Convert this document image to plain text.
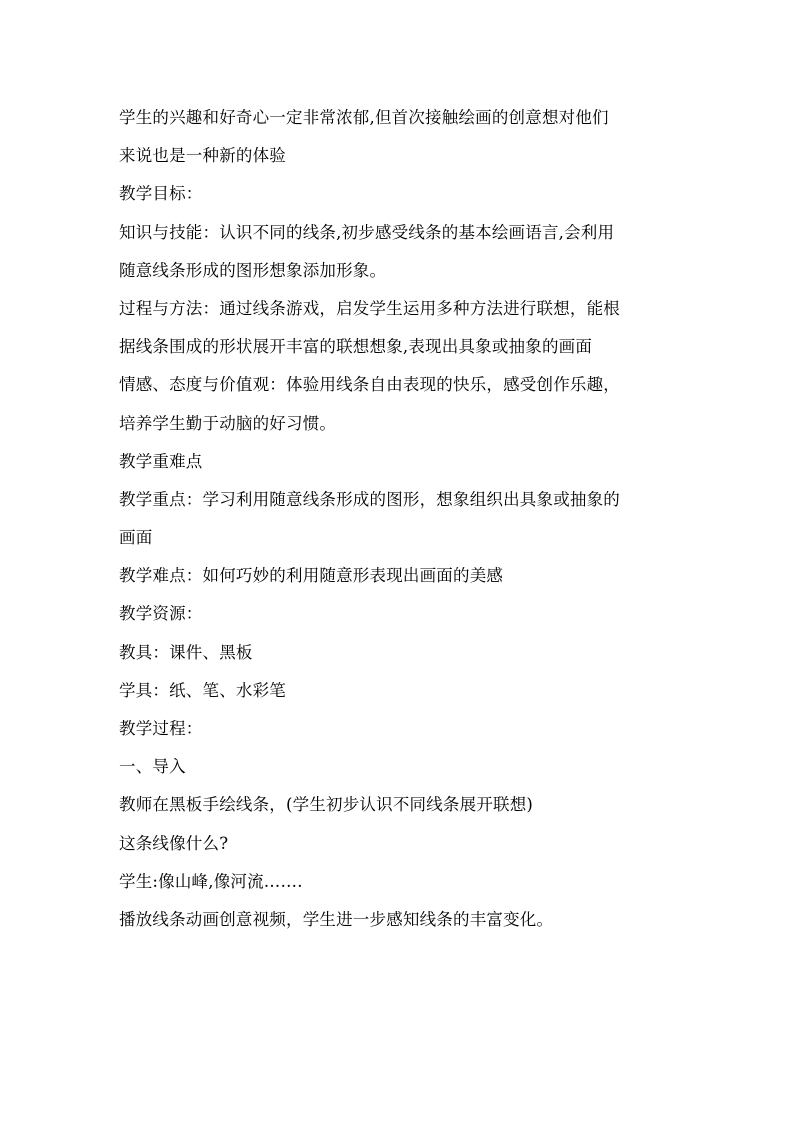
学生的兴趣和好奇心一定非常浓郁,但首次接触绘画的创意想对他们
来说也是一种新的体验
教学目标：
知识与技能：认识不同的线条,初步感受线条的基本绘画语言,会利用
随意线条形成的图形想象添加形象。
过程与方法：通过线条游戏，启发学生运用多种方法进行联想，能根
据线条围成的形状展开丰富的联想想象,表现出具象或抽象的画面
情感、态度与价值观：体验用线条自由表现的快乐，感受创作乐趣，
培养学生勤于动脑的好习惯。
教学重难点
教学重点：学习利用随意线条形成的图形，想象组织出具象或抽象的
画面
教学难点：如何巧妙的利用随意形表现出画面的美感
教学资源：
教具：课件、黑板
学具：纸、笔、水彩笔
教学过程：
一、导入
教师在黑板手绘线条，(学生初步认识不同线条展开联想)
这条线像什么?
学生:像山峰,像河流…….
播放线条动画创意视频，学生进一步感知线条的丰富变化。
